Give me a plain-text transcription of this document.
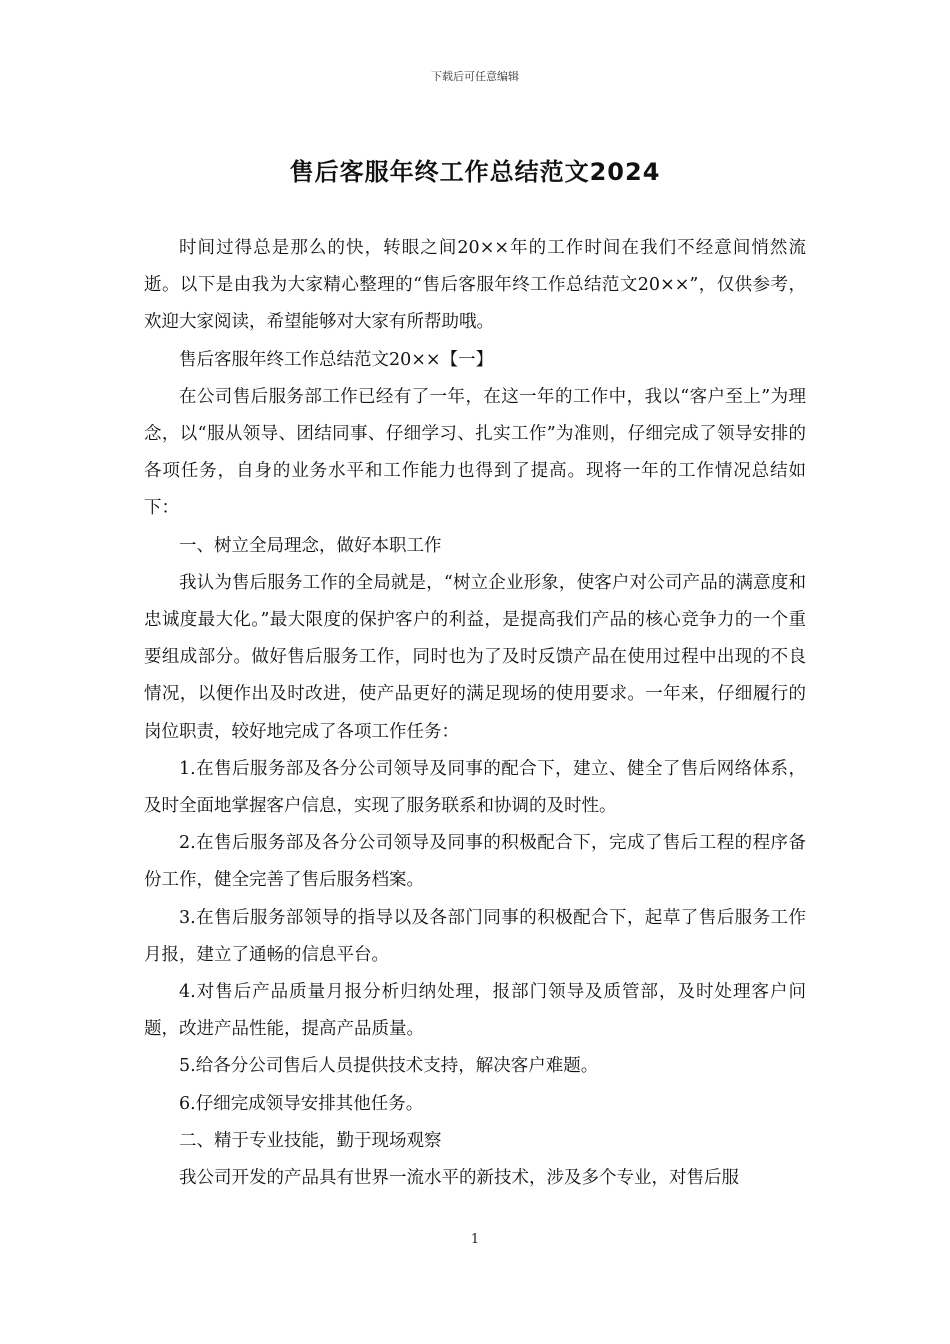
下载后可任意编辑
售后客服年终工作总结范文2024

时间过得总是那么的快，转眼之间20××年的工作时间在我们不经意间悄然流逝。以下是由我为大家精心整理的“售后客服年终工作总结范文20××”，仅供参考，欢迎大家阅读，希望能够对大家有所帮助哦。

售后客服年终工作总结范文20××【一】

在公司售后服务部工作已经有了一年，在这一年的工作中，我以“客户至上”为理念，以“服从领导、团结同事、仔细学习、扎实工作”为准则，仔细完成了领导安排的各项任务，自身的业务水平和工作能力也得到了提高。现将一年的工作情况总结如下：

一、树立全局理念，做好本职工作

我认为售后服务工作的全局就是，“树立企业形象，使客户对公司产品的满意度和忠诚度最大化。”最大限度的保护客户的利益，是提高我们产品的核心竞争力的一个重要组成部分。做好售后服务工作，同时也为了及时反馈产品在使用过程中出现的不良情况，以便作出及时改进，使产品更好的满足现场的使用要求。一年来，仔细履行的岗位职责，较好地完成了各项工作任务：

1.在售后服务部及各分公司领导及同事的配合下，建立、健全了售后网络体系，及时全面地掌握客户信息，实现了服务联系和协调的及时性。

2.在售后服务部及各分公司领导及同事的积极配合下，完成了售后工程的程序备份工作，健全完善了售后服务档案。

3.在售后服务部领导的指导以及各部门同事的积极配合下，起草了售后服务工作月报，建立了通畅的信息平台。

4.对售后产品质量月报分析归纳处理，报部门领导及质管部，及时处理客户问题，改进产品性能，提高产品质量。

5.给各分公司售后人员提供技术支持，解决客户难题。

6.仔细完成领导安排其他任务。

二、精于专业技能，勤于现场观察

我公司开发的产品具有世界一流水平的新技术，涉及多个专业，对售后服

1
